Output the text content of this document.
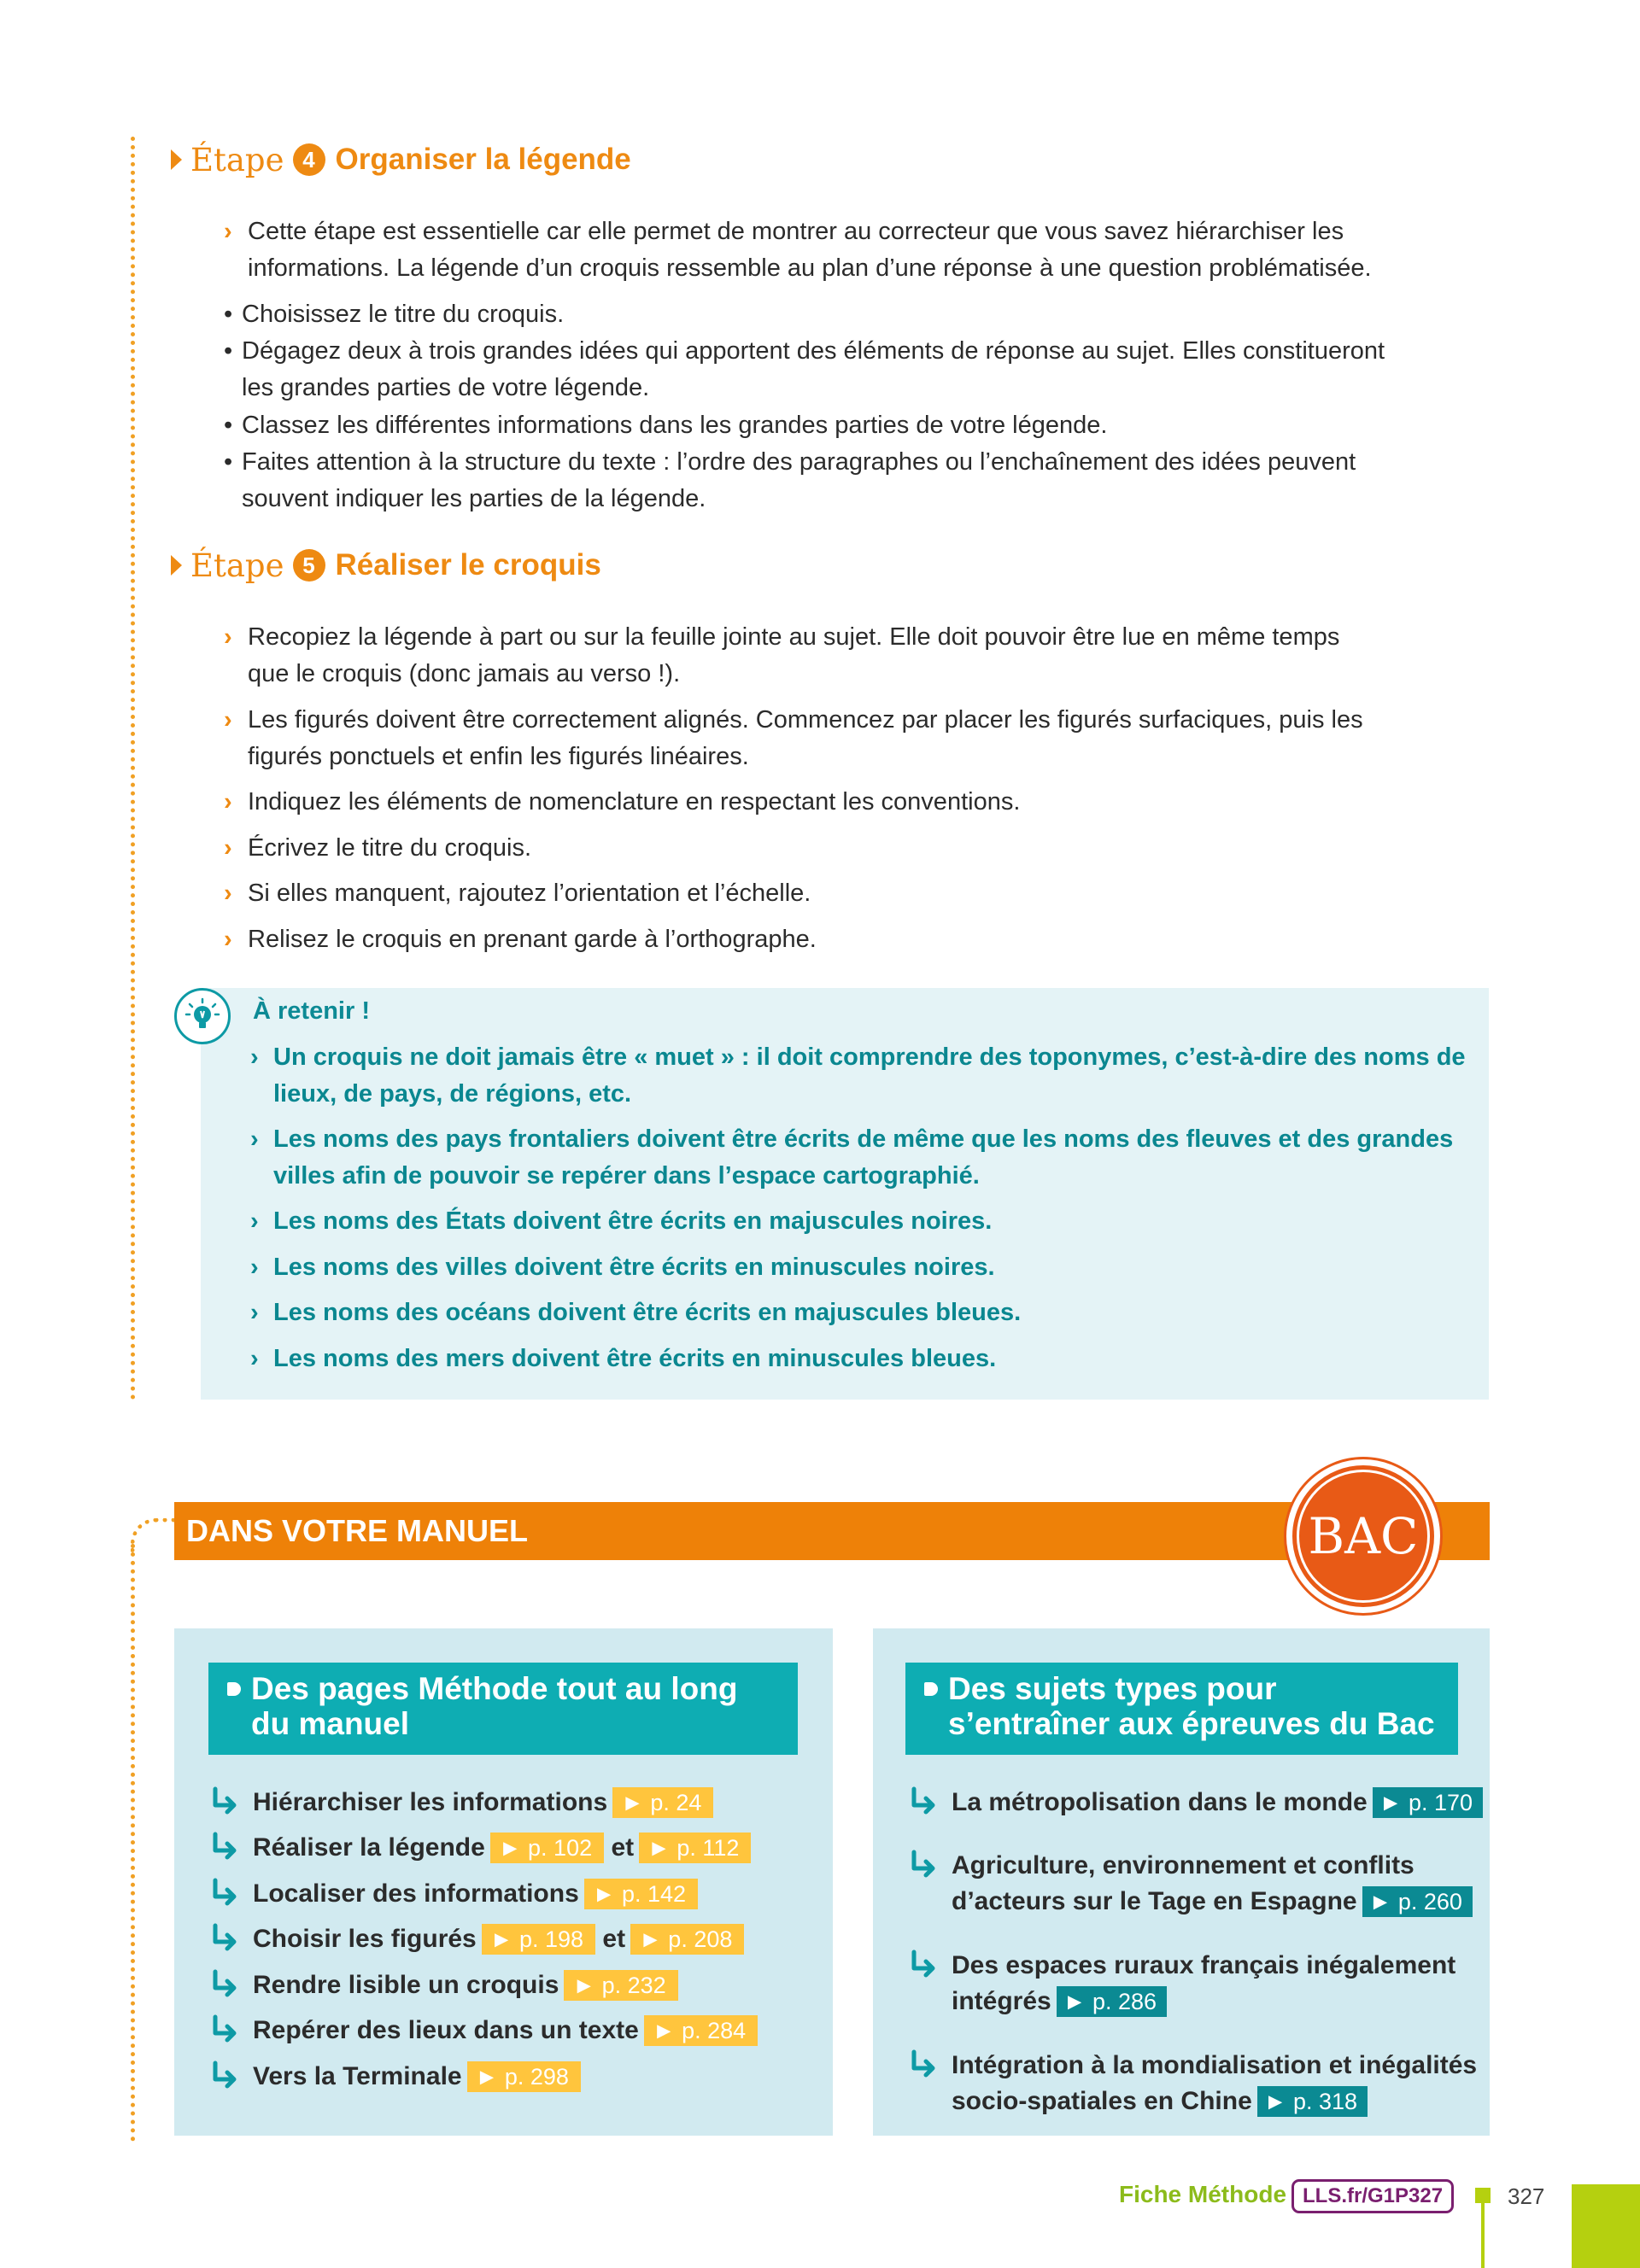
Étape 4 Organiser la légende
› Cette étape est essentielle car elle permet de montrer au correcteur que vous savez hiérarchiser les
informations. La légende d’un croquis ressemble au plan d’une réponse à une question problématisée.
• Choisissez le titre du croquis.
• Dégagez deux à trois grandes idées qui apportent des éléments de réponse au sujet. Elles constitueront
les grandes parties de votre légende.
• Classez les différentes informations dans les grandes parties de votre légende.
• Faites attention à la structure du texte : l’ordre des paragraphes ou l’enchaînement des idées peuvent
souvent indiquer les parties de la légende.
Étape 5 Réaliser le croquis
› Recopiez la légende à part ou sur la feuille jointe au sujet. Elle doit pouvoir être lue en même temps
que le croquis (donc jamais au verso !).
› Les figurés doivent être correctement alignés. Commencez par placer les figurés surfaciques, puis les
figurés ponctuels et enfin les figurés linéaires.
› Indiquez les éléments de nomenclature en respectant les conventions.
› Écrivez le titre du croquis.
› Si elles manquent, rajoutez l’orientation et l’échelle.
› Relisez le croquis en prenant garde à l’orthographe.
À retenir !
› Un croquis ne doit jamais être « muet » : il doit comprendre des toponymes, c’est-à-dire des noms de
lieux, de pays, de régions, etc.
› Les noms des pays frontaliers doivent être écrits de même que les noms des fleuves et des grandes
villes afin de pouvoir se repérer dans l’espace cartographié.
› Les noms des États doivent être écrits en majuscules noires.
› Les noms des villes doivent être écrits en minuscules noires.
› Les noms des océans doivent être écrits en majuscules bleues.
› Les noms des mers doivent être écrits en minuscules bleues.
DANS VOTRE MANUEL	BAC
Des pages Méthode tout au long
du manuel
Hiérarchiser les informations ► p. 24
Réaliser la légende ► p. 102 et ► p. 112
Localiser des informations ► p. 142
Choisir les figurés ► p. 198 et ► p. 208
Rendre lisible un croquis ► p. 232
Repérer des lieux dans un texte ► p. 284
Vers la Terminale ► p. 298
Des sujets types pour
s’entraîner aux épreuves du Bac
La métropolisation dans le monde ► p. 170
Agriculture, environnement et conflits
d’acteurs sur le Tage en Espagne ► p. 260
Des espaces ruraux français inégalement
intégrés ► p. 286
Intégration à la mondialisation et inégalités
socio-spatiales en Chine ► p. 318
Fiche Méthode LLS.fr/G1P327	327
